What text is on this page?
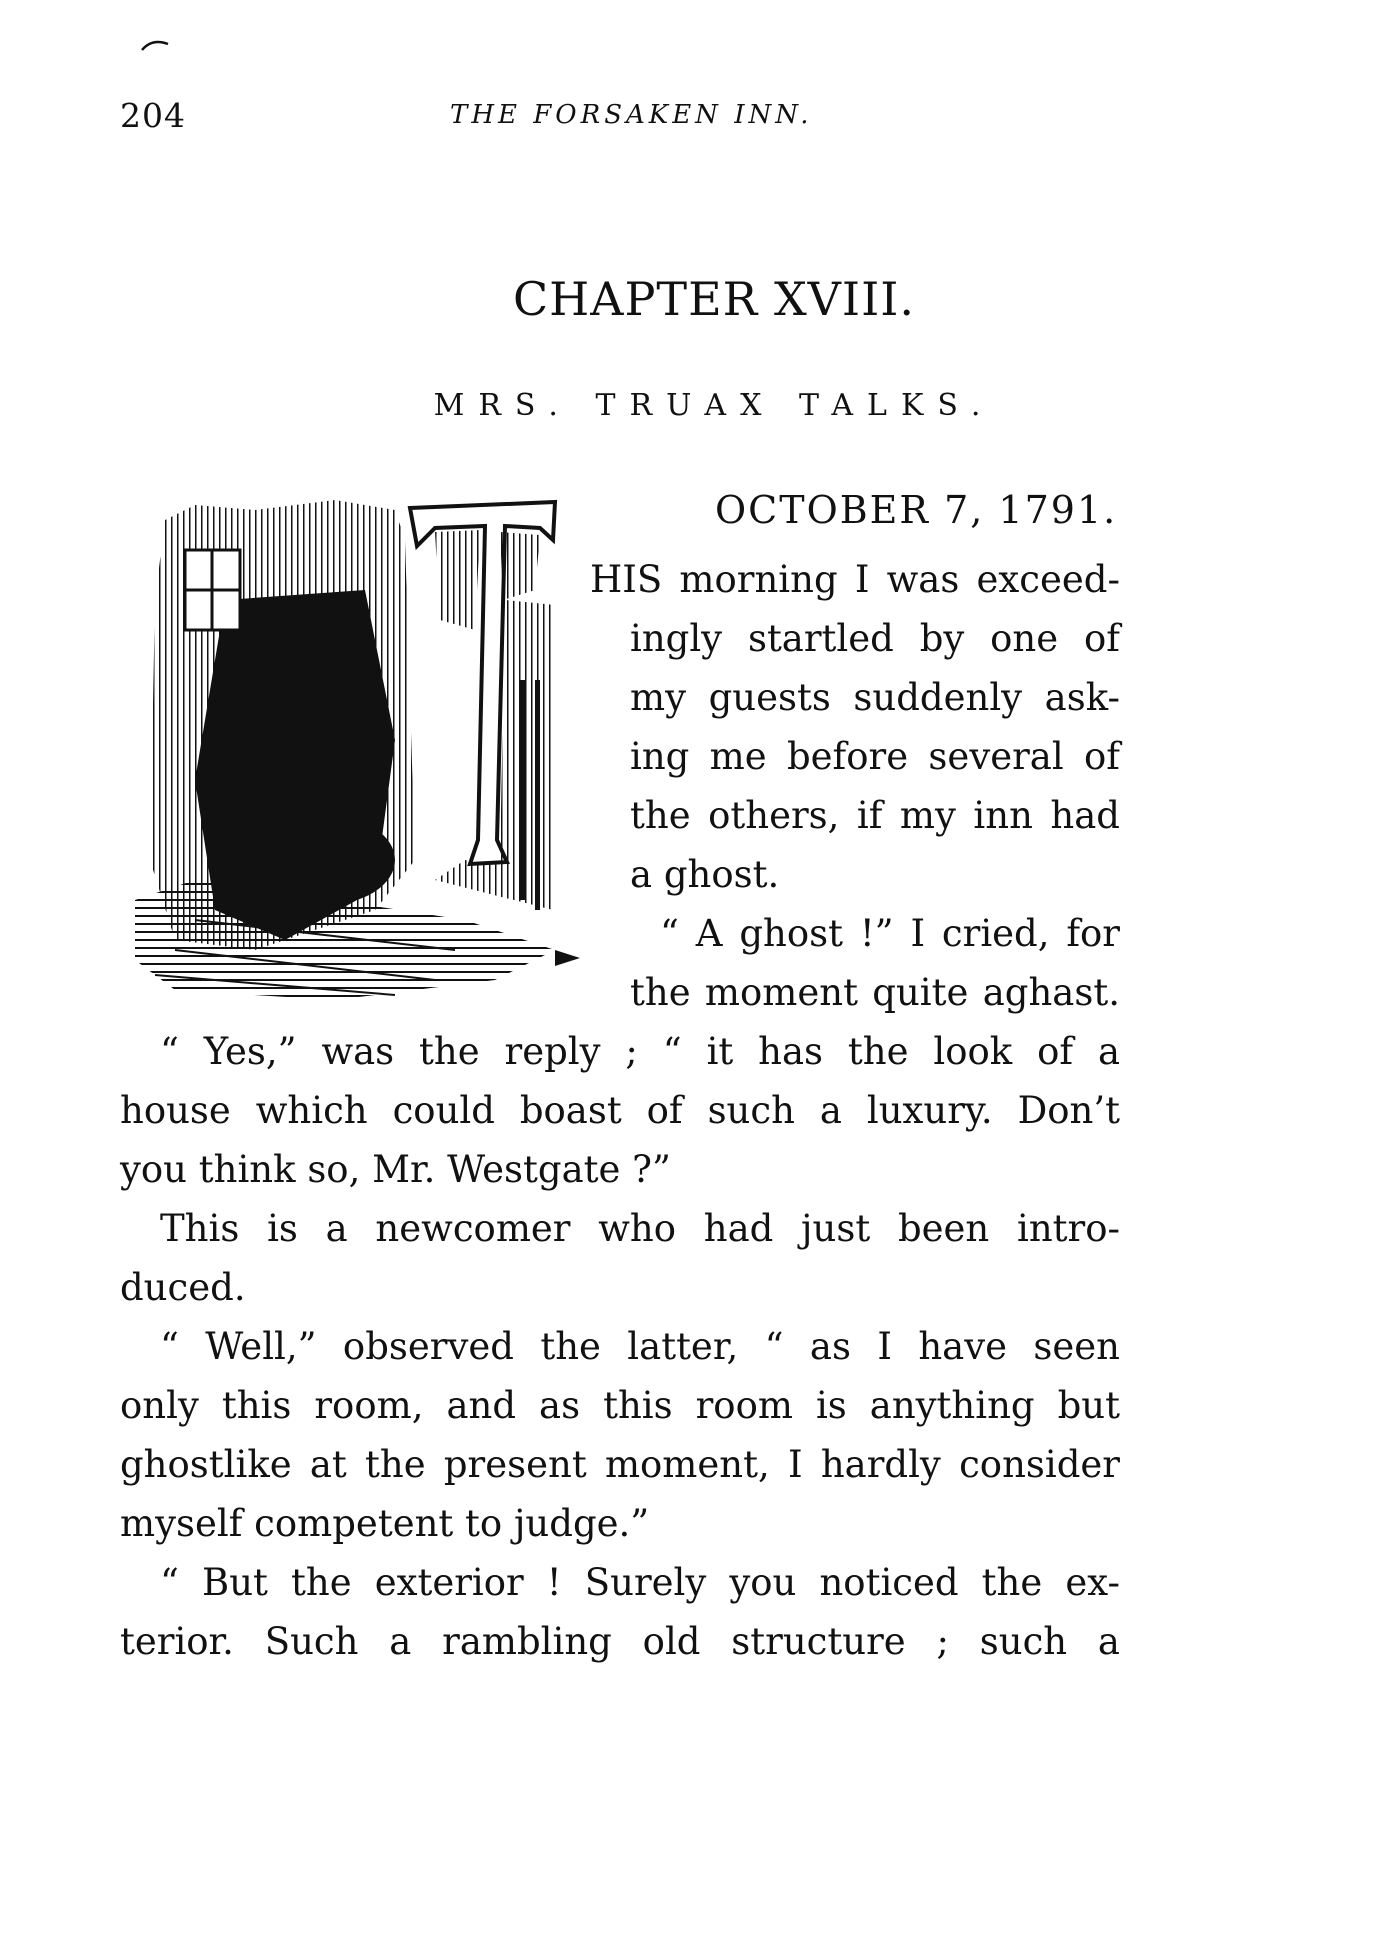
204	THE FORSAKEN INN.
CHAPTER XVIII.
MRS. TRUAX TALKS.
OCTOBER 7, 1791.
HIS morning I was exceed-
ingly startled by one of
my guests suddenly ask-
ing me before several of
the others, if my inn had
a ghost.
“ A ghost !” I cried, for
the moment quite aghast.
“ Yes,” was the reply ; “ it has the look of a
house which could boast of such a luxury. Don’t
you think so, Mr. Westgate ?”
This is a newcomer who had just been intro-
duced.
“ Well,” observed the latter, “ as I have seen
only this room, and as this room is anything but
ghostlike at the present moment, I hardly consider
myself competent to judge.”
“ But the exterior ! Surely you noticed the ex-
terior. Such a rambling old structure ; such a
